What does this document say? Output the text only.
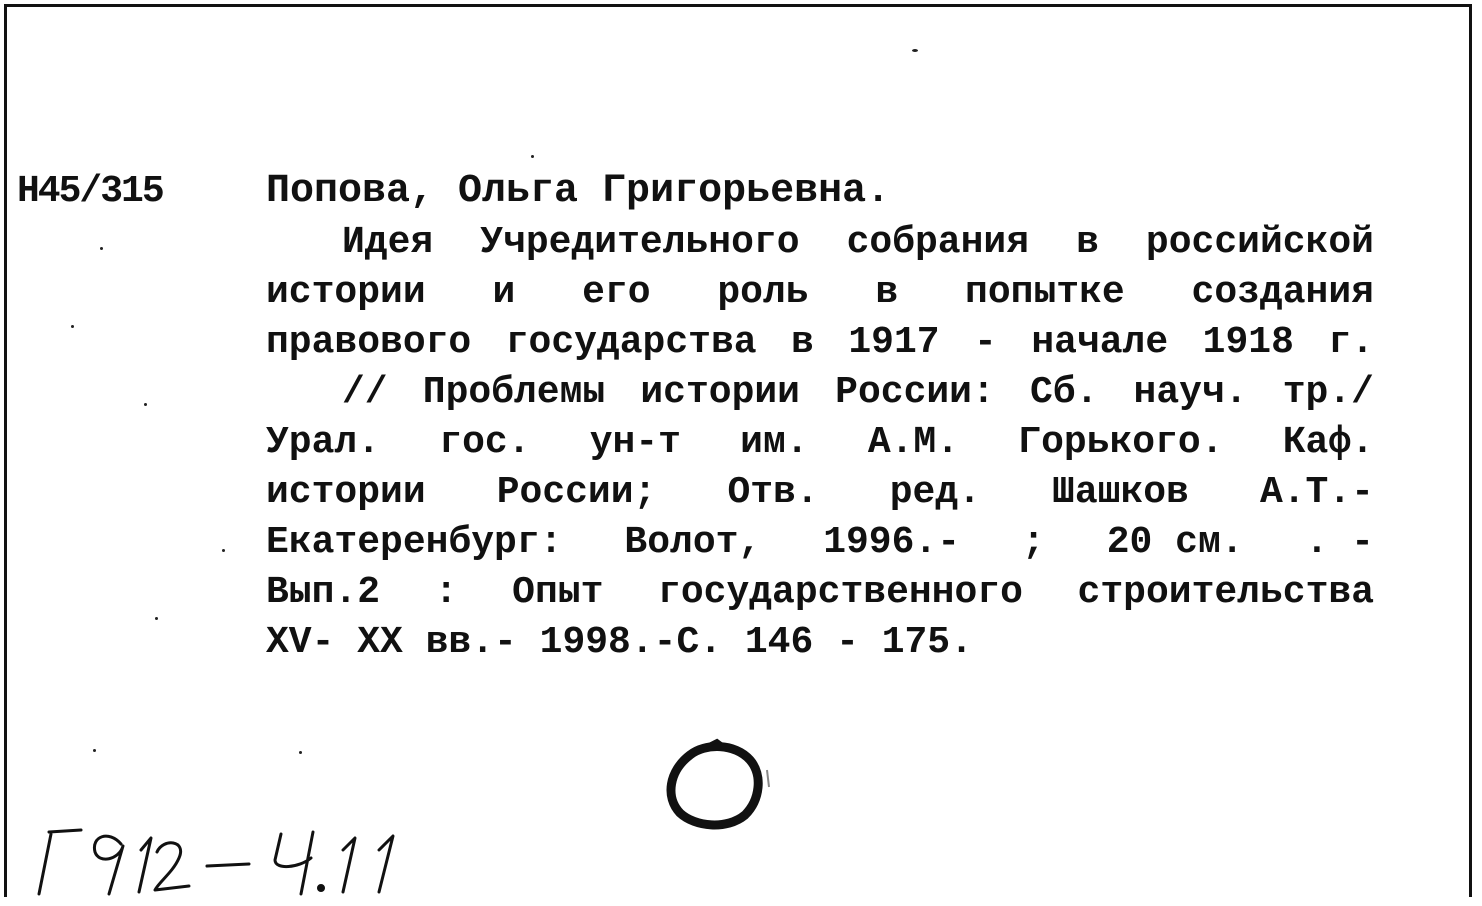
Н45/315	Попова, Ольга Григорьевна.
Идея Учредительного собрания в российской
истории и его роль в попытке создания
правового государства в 1917 - начале 1918 г.
// Проблемы истории России: Сб. науч. тр./
Урал. гос. ун-т им. А.М. Горького. Каф.
истории России; Отв. ред. Шашков А.Т.-
Екатеренбург: Волот, 1996.- ; 20 см. . -
Вып.2 : Опыт государственного строительства
XV- XX вв.- 1998.-С. 146 - 175.
